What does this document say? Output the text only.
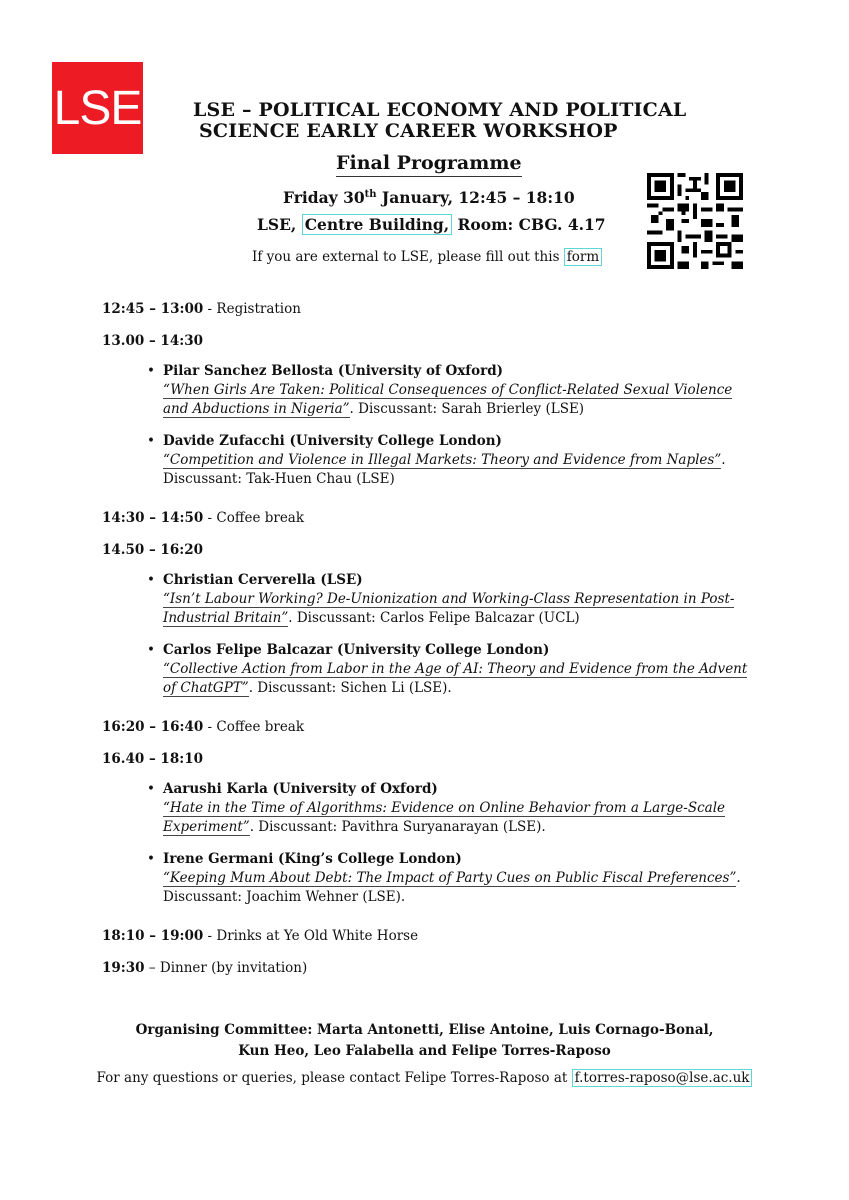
LSE	LSE – POLITICAL ECONOMY AND POLITICAL
SCIENCE EARLY CAREER WORKSHOP
Final Programme
Friday 30th January, 12:45 – 18:10
LSE, Centre Building, Room: CBG. 4.17
If you are external to LSE, please fill out this form
12:45 – 13:00 - Registration
13.00 – 14:30
• Pilar Sanchez Bellosta (University of Oxford)
“When Girls Are Taken: Political Consequences of Conflict-Related Sexual Violence and Abductions in Nigeria”. Discussant: Sarah Brierley (LSE)
• Davide Zufacchi (University College London)
“Competition and Violence in Illegal Markets: Theory and Evidence from Naples”. Discussant: Tak-Huen Chau (LSE)
14:30 – 14:50 - Coffee break
14.50 – 16:20
• Christian Cerverella (LSE)
“Isn’t Labour Working? De-Unionization and Working-Class Representation in Post-Industrial Britain”. Discussant: Carlos Felipe Balcazar (UCL)
• Carlos Felipe Balcazar (University College London)
“Collective Action from Labor in the Age of AI: Theory and Evidence from the Advent of ChatGPT”. Discussant: Sichen Li (LSE).
16:20 – 16:40 - Coffee break
16.40 – 18:10
• Aarushi Karla (University of Oxford)
“Hate in the Time of Algorithms: Evidence on Online Behavior from a Large-Scale Experiment”. Discussant: Pavithra Suryanarayan (LSE).
• Irene Germani (King’s College London)
“Keeping Mum About Debt: The Impact of Party Cues on Public Fiscal Preferences”. Discussant: Joachim Wehner (LSE).
18:10 – 19:00 - Drinks at Ye Old White Horse
19:30 – Dinner (by invitation)
Organising Committee: Marta Antonetti, Elise Antoine, Luis Cornago-Bonal,
Kun Heo, Leo Falabella and Felipe Torres-Raposo
For any questions or queries, please contact Felipe Torres-Raposo at f.torres-raposo@lse.ac.uk
